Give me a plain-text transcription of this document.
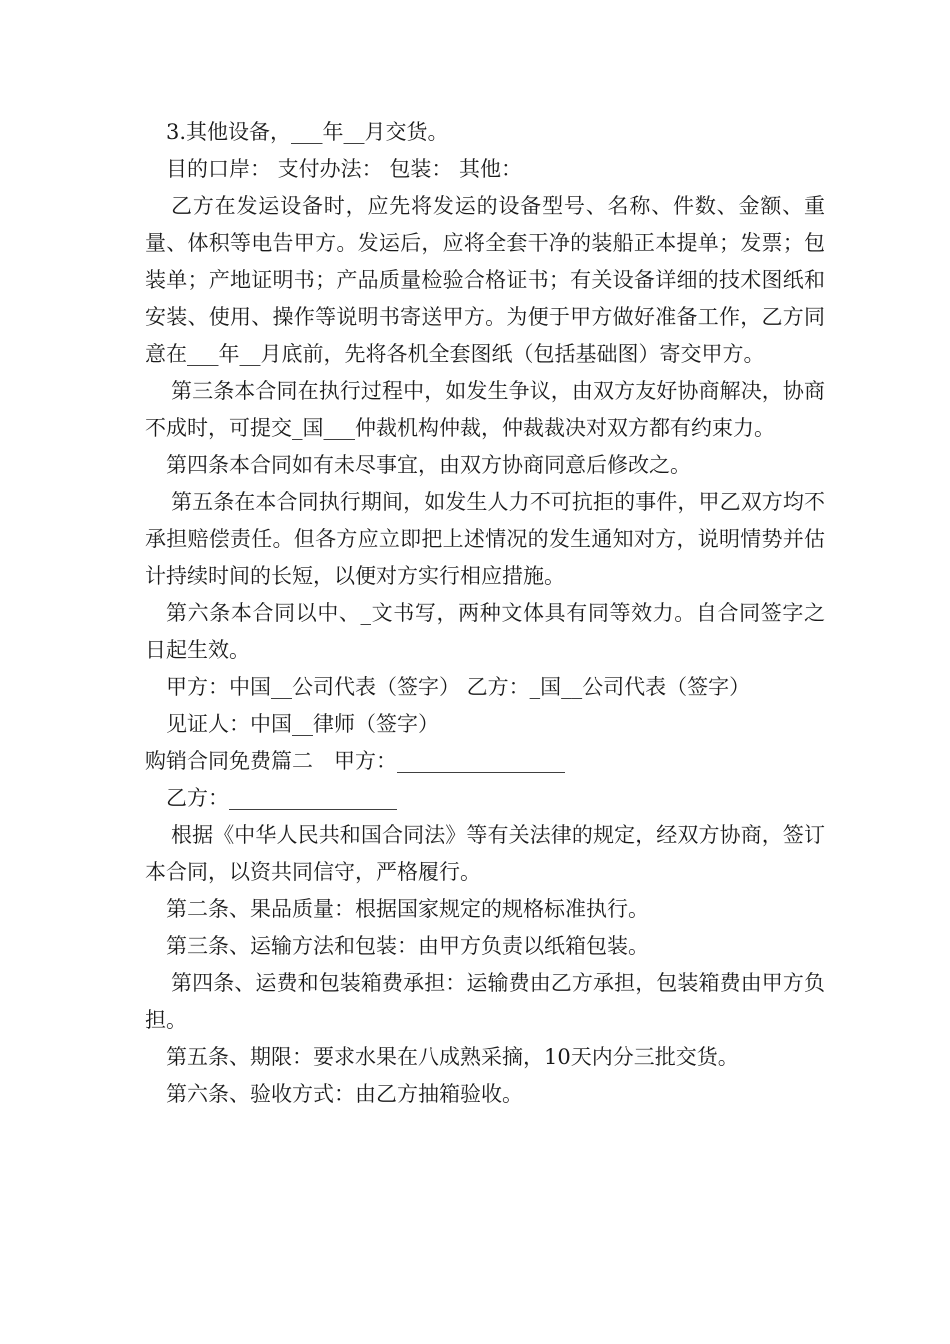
3.其他设备，___年__月交货。

目的口岸： 支付办法： 包装： 其他：

乙方在发运设备时，应先将发运的设备型号、名称、件数、金额、重量、体积等电告甲方。发运后，应将全套干净的装船正本提单；发票；包装单；产地证明书；产品质量检验合格证书；有关设备详细的技术图纸和安装、使用、操作等说明书寄送甲方。为便于甲方做好准备工作，乙方同意在___年__月底前，先将各机全套图纸（包括基础图）寄交甲方。

第三条本合同在执行过程中，如发生争议，由双方友好协商解决，协商不成时，可提交_国___仲裁机构仲裁，仲裁裁决对双方都有约束力。

第四条本合同如有未尽事宜，由双方协商同意后修改之。

第五条在本合同执行期间，如发生人力不可抗拒的事件，甲乙双方均不承担赔偿责任。但各方应立即把上述情况的发生通知对方，说明情势并估计持续时间的长短，以便对方实行相应措施。

第六条本合同以中、_文书写，两种文体具有同等效力。自合同签字之日起生效。

甲方：中国__公司代表（签字） 乙方：_国__公司代表（签字）

见证人：中国__律师（签字）

购销合同免费篇二　甲方：________________

乙方：________________

根据《中华人民共和国合同法》等有关法律的规定，经双方协商，签订本合同，以资共同信守，严格履行。

第二条、果品质量：根据国家规定的规格标准执行。

第三条、运输方法和包装：由甲方负责以纸箱包装。

第四条、运费和包装箱费承担：运输费由乙方承担，包装箱费由甲方负担。

第五条、期限：要求水果在八成熟采摘，10天内分三批交货。

第六条、验收方式：由乙方抽箱验收。
